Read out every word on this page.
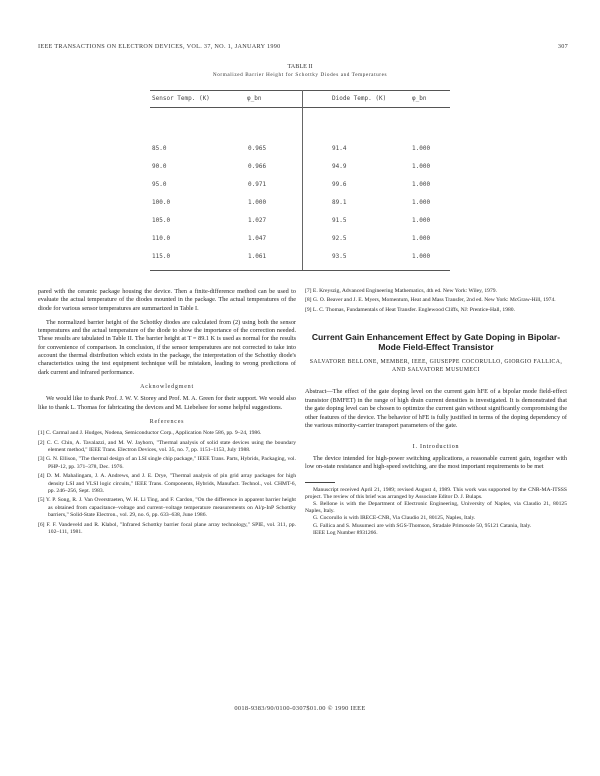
IEEE TRANSACTIONS ON ELECTRON DEVICES, VOL. 37, NO. 1, JANUARY 1990	307
TABLE II
Normalized Barrier Height for Schottky Diodes and Temperatures
Sensor Temp. (K)	φ_bn	Diode Temp. (K)	φ_bn
85.0	0.965	91.4	1.000
90.0	0.966	94.9	1.000
95.0	0.971	99.6	1.000
100.0	1.000	89.1	1.000
105.0	1.027	91.5	1.000
110.0	1.047	92.5	1.000
115.0	1.061	93.5	1.000

pared with the ceramic package housing the device. Then a finite-difference method can be used to evaluate the actual temperature of the diodes mounted in the package. The actual temperatures of the diode for various sensor temperatures are summarized in Table I.

The normalized barrier height of the Schottky diodes are calculated from (2) using both the sensor temperatures and the actual temperature of the diode to show the importance of the correction needed. These results are tabulated in Table II. The barrier height at T = 89.1 K is used as normal for the results for convenience of comparison. In conclusion, if the sensor temperatures are not corrected to take into account the thermal distribution which exists in the package, the interpretation of the Schottky diode's characteristics using the test equipment technique will be mistaken, leading to wrong predictions of dark current and infrared performance.

Acknowledgment

We would like to thank Prof. J. W. V. Storey and Prof. M. A. Green for their support. We would also like to thank L. Thomas for fabricating the devices and M. Liebelsee for some helpful suggestions.

References
[1] C. Carmal and J. Hudges, Nodena, Semiconductor Corp., Application Note 586, pp. 9–24, 1986.
[2] C. C. Chin, A. Tavalazzi, and M. W. Jayhorn, "Thermal analysis of solid state devices using the boundary element method," IEEE Trans. Electron Devices, vol. 35, no. 7, pp. 1151–1153, July 1988.
[3] G. N. Ellison, "The thermal design of an LSI single chip package," IEEE Trans. Parts, Hybrids, Packaging, vol. PHP-12, pp. 371–378, Dec. 1976.
[4] D. M. Mahalingam, J. A. Andrews, and J. E. Drye, "Thermal analysis of pin grid array packages for high density LSI and VLSI logic circuits," IEEE Trans. Components, Hybrids, Manufact. Technol., vol. CHMT-6, pp. 246–256, Sept. 1983.
[5] Y. P. Song, R. J. Van Overstraeten, W. H. Li Ting, and F. Cardon, "On the difference in apparent barrier height as obtained from capacitance–voltage and current–voltage temperature measurements on Al/p-InP Schottky barriers," Solid-State Electron., vol. 29, no. 6, pp. 633–638, June 1986.
[6] F. F. Vandeveld and R. Klabol, "Infrared Schottky barrier focal plane array technology," SPIE, vol. 311, pp. 102–111, 1981.
[7] E. Kreyszig, Advanced Engineering Mathematics, 4th ed. New York: Wiley, 1979.
[8] G. O. Beaver and J. E. Myers, Momentum, Heat and Mass Transfer, 2nd ed. New York: McGraw-Hill, 1974.
[9] L. C. Thomas, Fundamentals of Heat Transfer. Englewood Cliffs, NJ: Prentice-Hall, 1980.
Current Gain Enhancement Effect by Gate Doping in Bipolar-Mode Field-Effect Transistor
SALVATORE BELLONE, MEMBER, IEEE, GIUSEPPE COCORULLO, GIORGIO FALLICA, AND SALVATORE MUSUMECI

Abstract—The effect of the gate doping level on the current gain hFE of a bipolar mode field-effect transistor (BMFET) in the range of high drain current densities is investigated. It is demonstrated that the gate doping level can be chosen to optimize the current gain without significantly compromising the other features of the device. The behavior of hFE is fully justified in terms of the doping dependency of the various minority-carrier transport parameters of the gate.

I. Introduction

The device intended for high-power switching applications, a reasonable current gain, together with low on-state resistance and high-speed switching, are the most important requirements to be met

Manuscript received April 21, 1989; revised August 4, 1989. This work was supported by the CNR-MA-ITSSS project. The review of this brief was arranged by Associate Editor D. J. Bulaps.
S. Bellone is with the Department of Electronic Engineering, University of Naples, via Claudio 21, 80125 Naples, Italy.
G. Cocorullo is with IRECE-CNR, Via Claudio 21, 80125, Naples, Italy.
G. Fallica and S. Musumeci are with SGS-Thomson, Stradale Primosole 50, 95121 Catania, Italy.
IEEE Log Number 8931266.
0018-9383/90/0100-0307$01.00 © 1990 IEEE
